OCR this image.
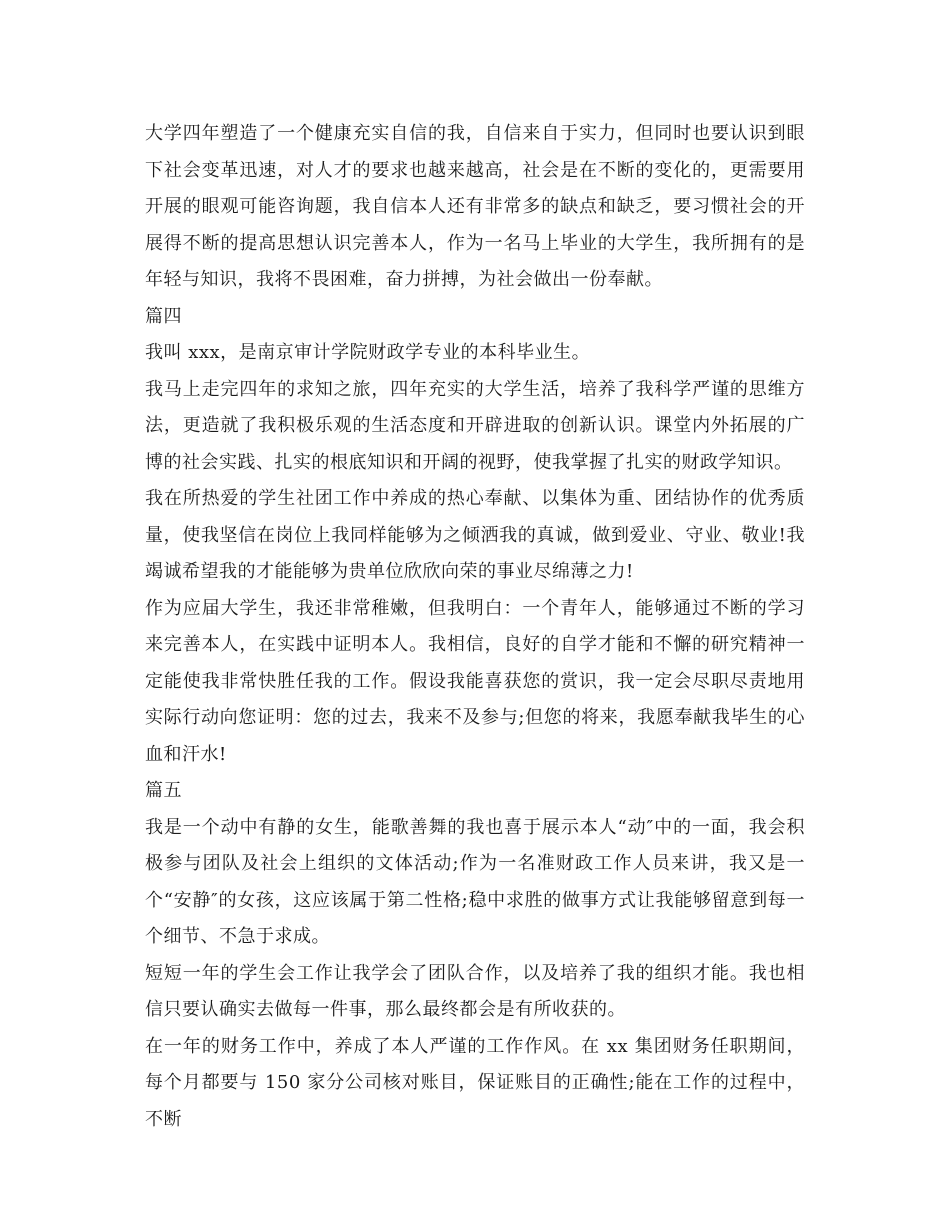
大学四年塑造了一个健康充实自信的我，自信来自于实力，但同时也要认识到眼下社会变革迅速，对人才的要求也越来越高，社会是在不断的变化的，更需要用开展的眼观可能咨询题，我自信本人还有非常多的缺点和缺乏，要习惯社会的开展得不断的提高思想认识完善本人，作为一名马上毕业的大学生，我所拥有的是年轻与知识，我将不畏困难，奋力拼搏，为社会做出一份奉献。

篇四

我叫 xxx，是南京审计学院财政学专业的本科毕业生。

我马上走完四年的求知之旅，四年充实的大学生活，培养了我科学严谨的思维方法，更造就了我积极乐观的生活态度和开辟进取的创新认识。课堂内外拓展的广博的社会实践、扎实的根底知识和开阔的视野，使我掌握了扎实的财政学知识。

我在所热爱的学生社团工作中养成的热心奉献、以集体为重、团结协作的优秀质量，使我坚信在岗位上我同样能够为之倾洒我的真诚，做到爱业、守业、敬业!我竭诚希望我的才能能够为贵单位欣欣向荣的事业尽绵薄之力!

作为应届大学生，我还非常稚嫩，但我明白：一个青年人，能够通过不断的学习来完善本人，在实践中证明本人。我相信，良好的自学才能和不懈的研究精神一定能使我非常快胜任我的工作。假设我能喜获您的赏识，我一定会尽职尽责地用实际行动向您证明：您的过去，我来不及参与;但您的将来，我愿奉献我毕生的心血和汗水!

篇五

我是一个动中有静的女生，能歌善舞的我也喜于展示本人“动″中的一面，我会积极参与团队及社会上组织的文体活动;作为一名准财政工作人员来讲，我又是一个“安静″的女孩，这应该属于第二性格;稳中求胜的做事方式让我能够留意到每一个细节、不急于求成。

短短一年的学生会工作让我学会了团队合作，以及培养了我的组织才能。我也相信只要认确实去做每一件事，那么最终都会是有所收获的。

在一年的财务工作中，养成了本人严谨的工作作风。在 xx 集团财务任职期间，每个月都要与 150 家分公司核对账目，保证账目的正确性;能在工作的过程中，不断
